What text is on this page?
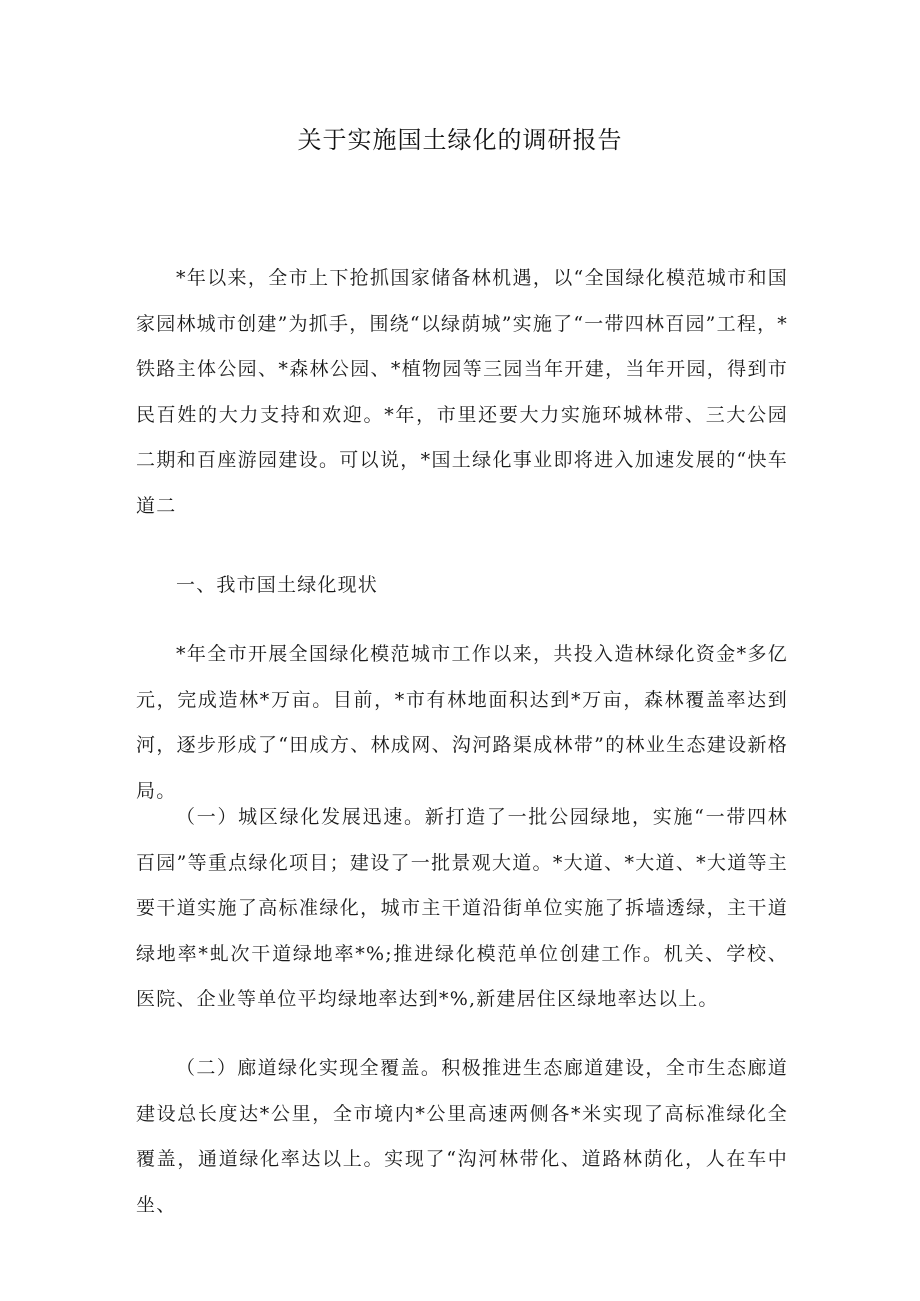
关于实施国土绿化的调研报告

*年以来，全市上下抢抓国家储备林机遇，以“全国绿化模范城市和国家园林城市创建”为抓手，围绕“以绿荫城”实施了“一带四林百园”工程，*铁路主体公园、*森林公园、*植物园等三园当年开建，当年开园，得到市民百姓的大力支持和欢迎。*年，市里还要大力实施环城林带、三大公园二期和百座游园建设。可以说，*国土绿化事业即将进入加速发展的“快车道二

一、我市国土绿化现状

*年全市开展全国绿化模范城市工作以来，共投入造林绿化资金*多亿元，完成造林*万亩。目前，*市有林地面积达到*万亩，森林覆盖率达到河，逐步形成了“田成方、林成网、沟河路渠成林带”的林业生态建设新格局。

（一）城区绿化发展迅速。新打造了一批公园绿地，实施“一带四林百园”等重点绿化项目；建设了一批景观大道。*大道、*大道、*大道等主要干道实施了高标准绿化，城市主干道沿街单位实施了拆墙透绿，主干道绿地率*虬次干道绿地率*%;推进绿化模范单位创建工作。机关、学校、医院、企业等单位平均绿地率达到*%,新建居住区绿地率达以上。

（二）廊道绿化实现全覆盖。积极推进生态廊道建设，全市生态廊道建设总长度达*公里，全市境内*公里高速两侧各*米实现了高标准绿化全覆盖，通道绿化率达以上。实现了“沟河林带化、道路林荫化，人在车中坐、
